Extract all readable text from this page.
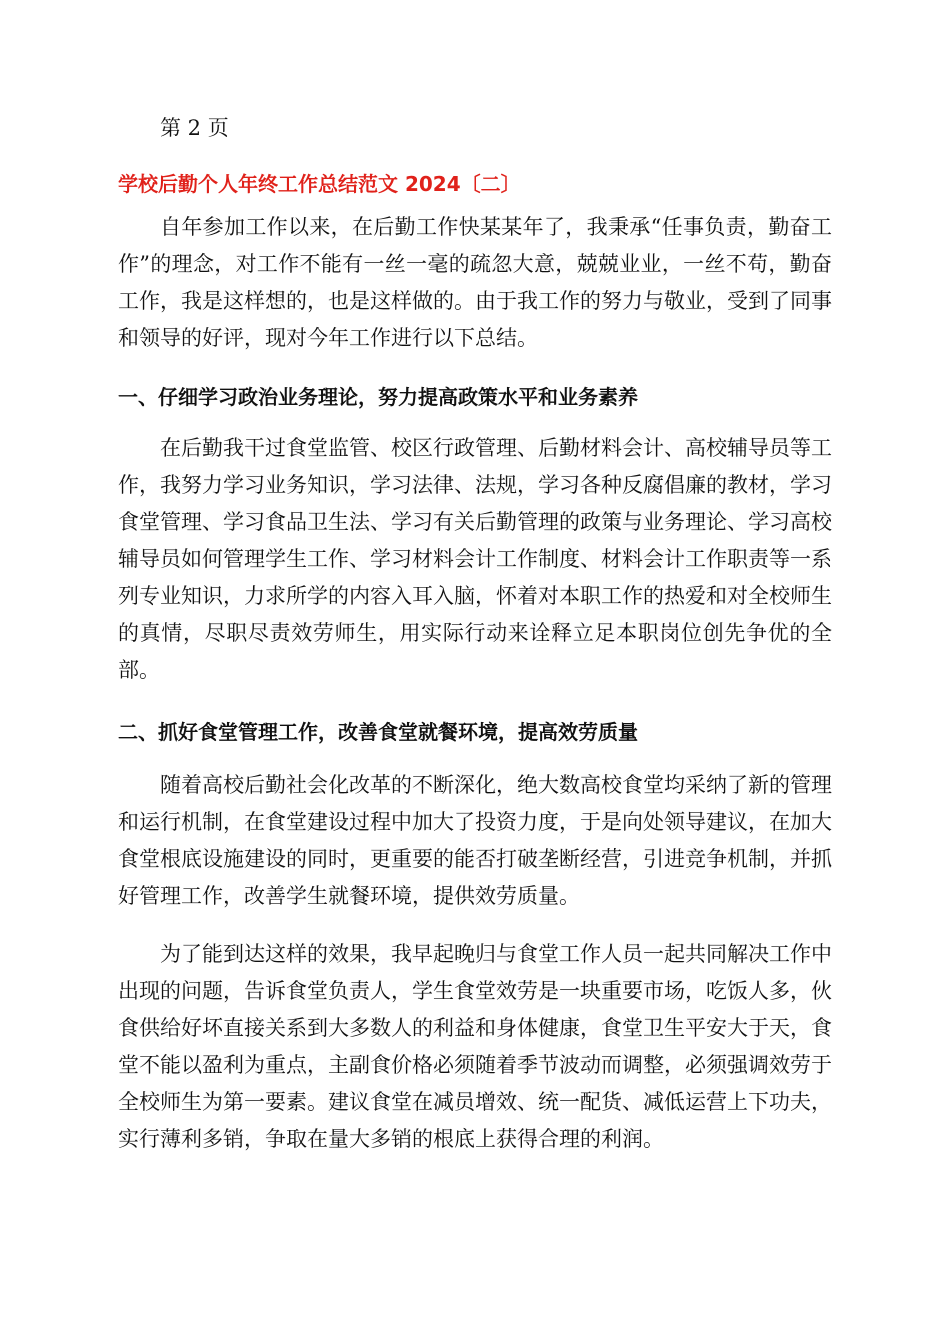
第 2 页
学校后勤个人年终工作总结范文 2024〔二〕

自年参加工作以来，在后勤工作快某某年了，我秉承“任事负责，勤奋工作”的理念，对工作不能有一丝一毫的疏忽大意，兢兢业业，一丝不苟，勤奋工作，我是这样想的，也是这样做的。由于我工作的努力与敬业，受到了同事和领导的好评，现对今年工作进行以下总结。

一、仔细学习政治业务理论，努力提高政策水平和业务素养

在后勤我干过食堂监管、校区行政管理、后勤材料会计、高校辅导员等工作，我努力学习业务知识，学习法律、法规，学习各种反腐倡廉的教材，学习食堂管理、学习食品卫生法、学习有关后勤管理的政策与业务理论、学习高校辅导员如何管理学生工作、学习材料会计工作制度、材料会计工作职责等一系列专业知识，力求所学的内容入耳入脑，怀着对本职工作的热爱和对全校师生的真情，尽职尽责效劳师生，用实际行动来诠释立足本职岗位创先争优的全部。

二、抓好食堂管理工作，改善食堂就餐环境，提高效劳质量

随着高校后勤社会化改革的不断深化，绝大数高校食堂均采纳了新的管理和运行机制，在食堂建设过程中加大了投资力度，于是向处领导建议，在加大食堂根底设施建设的同时，更重要的能否打破垄断经营，引进竞争机制，并抓好管理工作，改善学生就餐环境，提供效劳质量。

为了能到达这样的效果，我早起晚归与食堂工作人员一起共同解决工作中出现的问题，告诉食堂负责人，学生食堂效劳是一块重要市场，吃饭人多，伙食供给好坏直接关系到大多数人的利益和身体健康，食堂卫生平安大于天，食堂不能以盈利为重点，主副食价格必须随着季节波动而调整，必须强调效劳于全校师生为第一要素。建议食堂在减员增效、统一配货、减低运营上下功夫，实行薄利多销，争取在量大多销的根底上获得合理的利润。
